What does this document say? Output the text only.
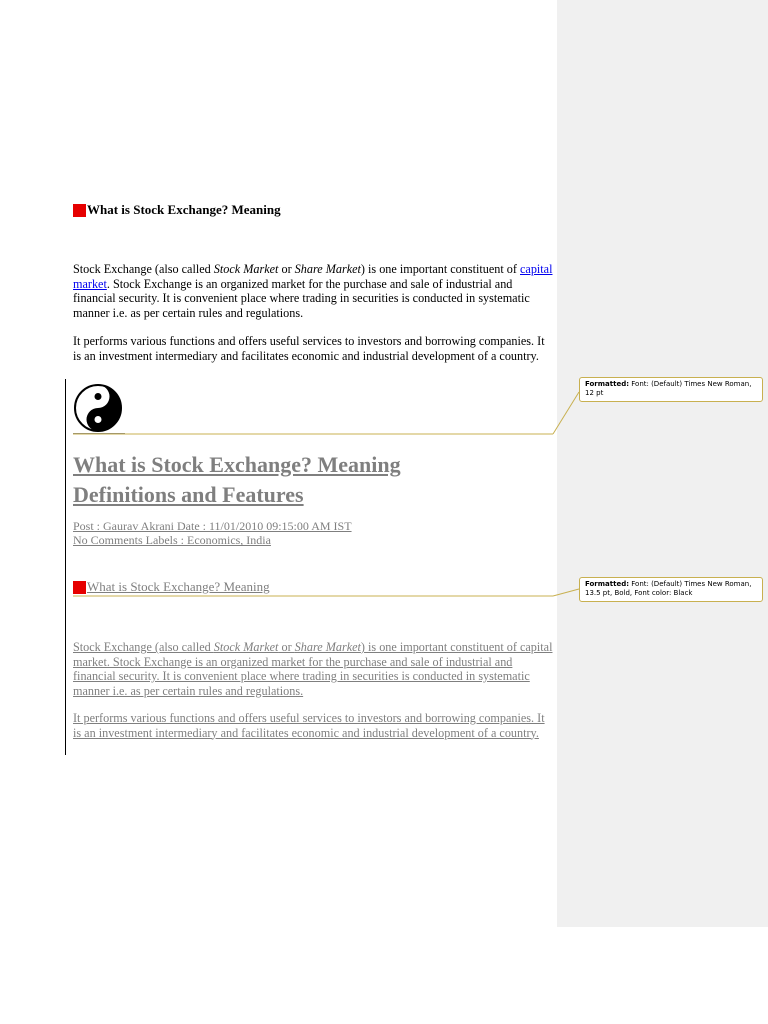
What is Stock Exchange? Meaning

Stock Exchange (also called Stock Market or Share Market) is one important constituent of capital market. Stock Exchange is an organized market for the purchase and sale of industrial and financial security. It is convenient place where trading in securities is conducted in systematic manner i.e. as per certain rules and regulations.

It performs various functions and offers useful services to investors and borrowing companies. It is an investment intermediary and facilitates economic and industrial development of a country.

What is Stock Exchange? Meaning
Definitions and Features
Post : Gaurav Akrani Date : 11/01/2010 09:15:00 AM IST
No Comments Labels : Economics, India
What is Stock Exchange? Meaning

Stock Exchange (also called Stock Market or Share Market) is one important constituent of capital market. Stock Exchange is an organized market for the purchase and sale of industrial and financial security. It is convenient place where trading in securities is conducted in systematic manner i.e. as per certain rules and regulations.

It performs various functions and offers useful services to investors and borrowing companies. It is an investment intermediary and facilitates economic and industrial development of a country.

Formatted: Font: (Default) Times New Roman, 12 pt
Formatted: Font: (Default) Times New Roman, 13.5 pt, Bold, Font color: Black
